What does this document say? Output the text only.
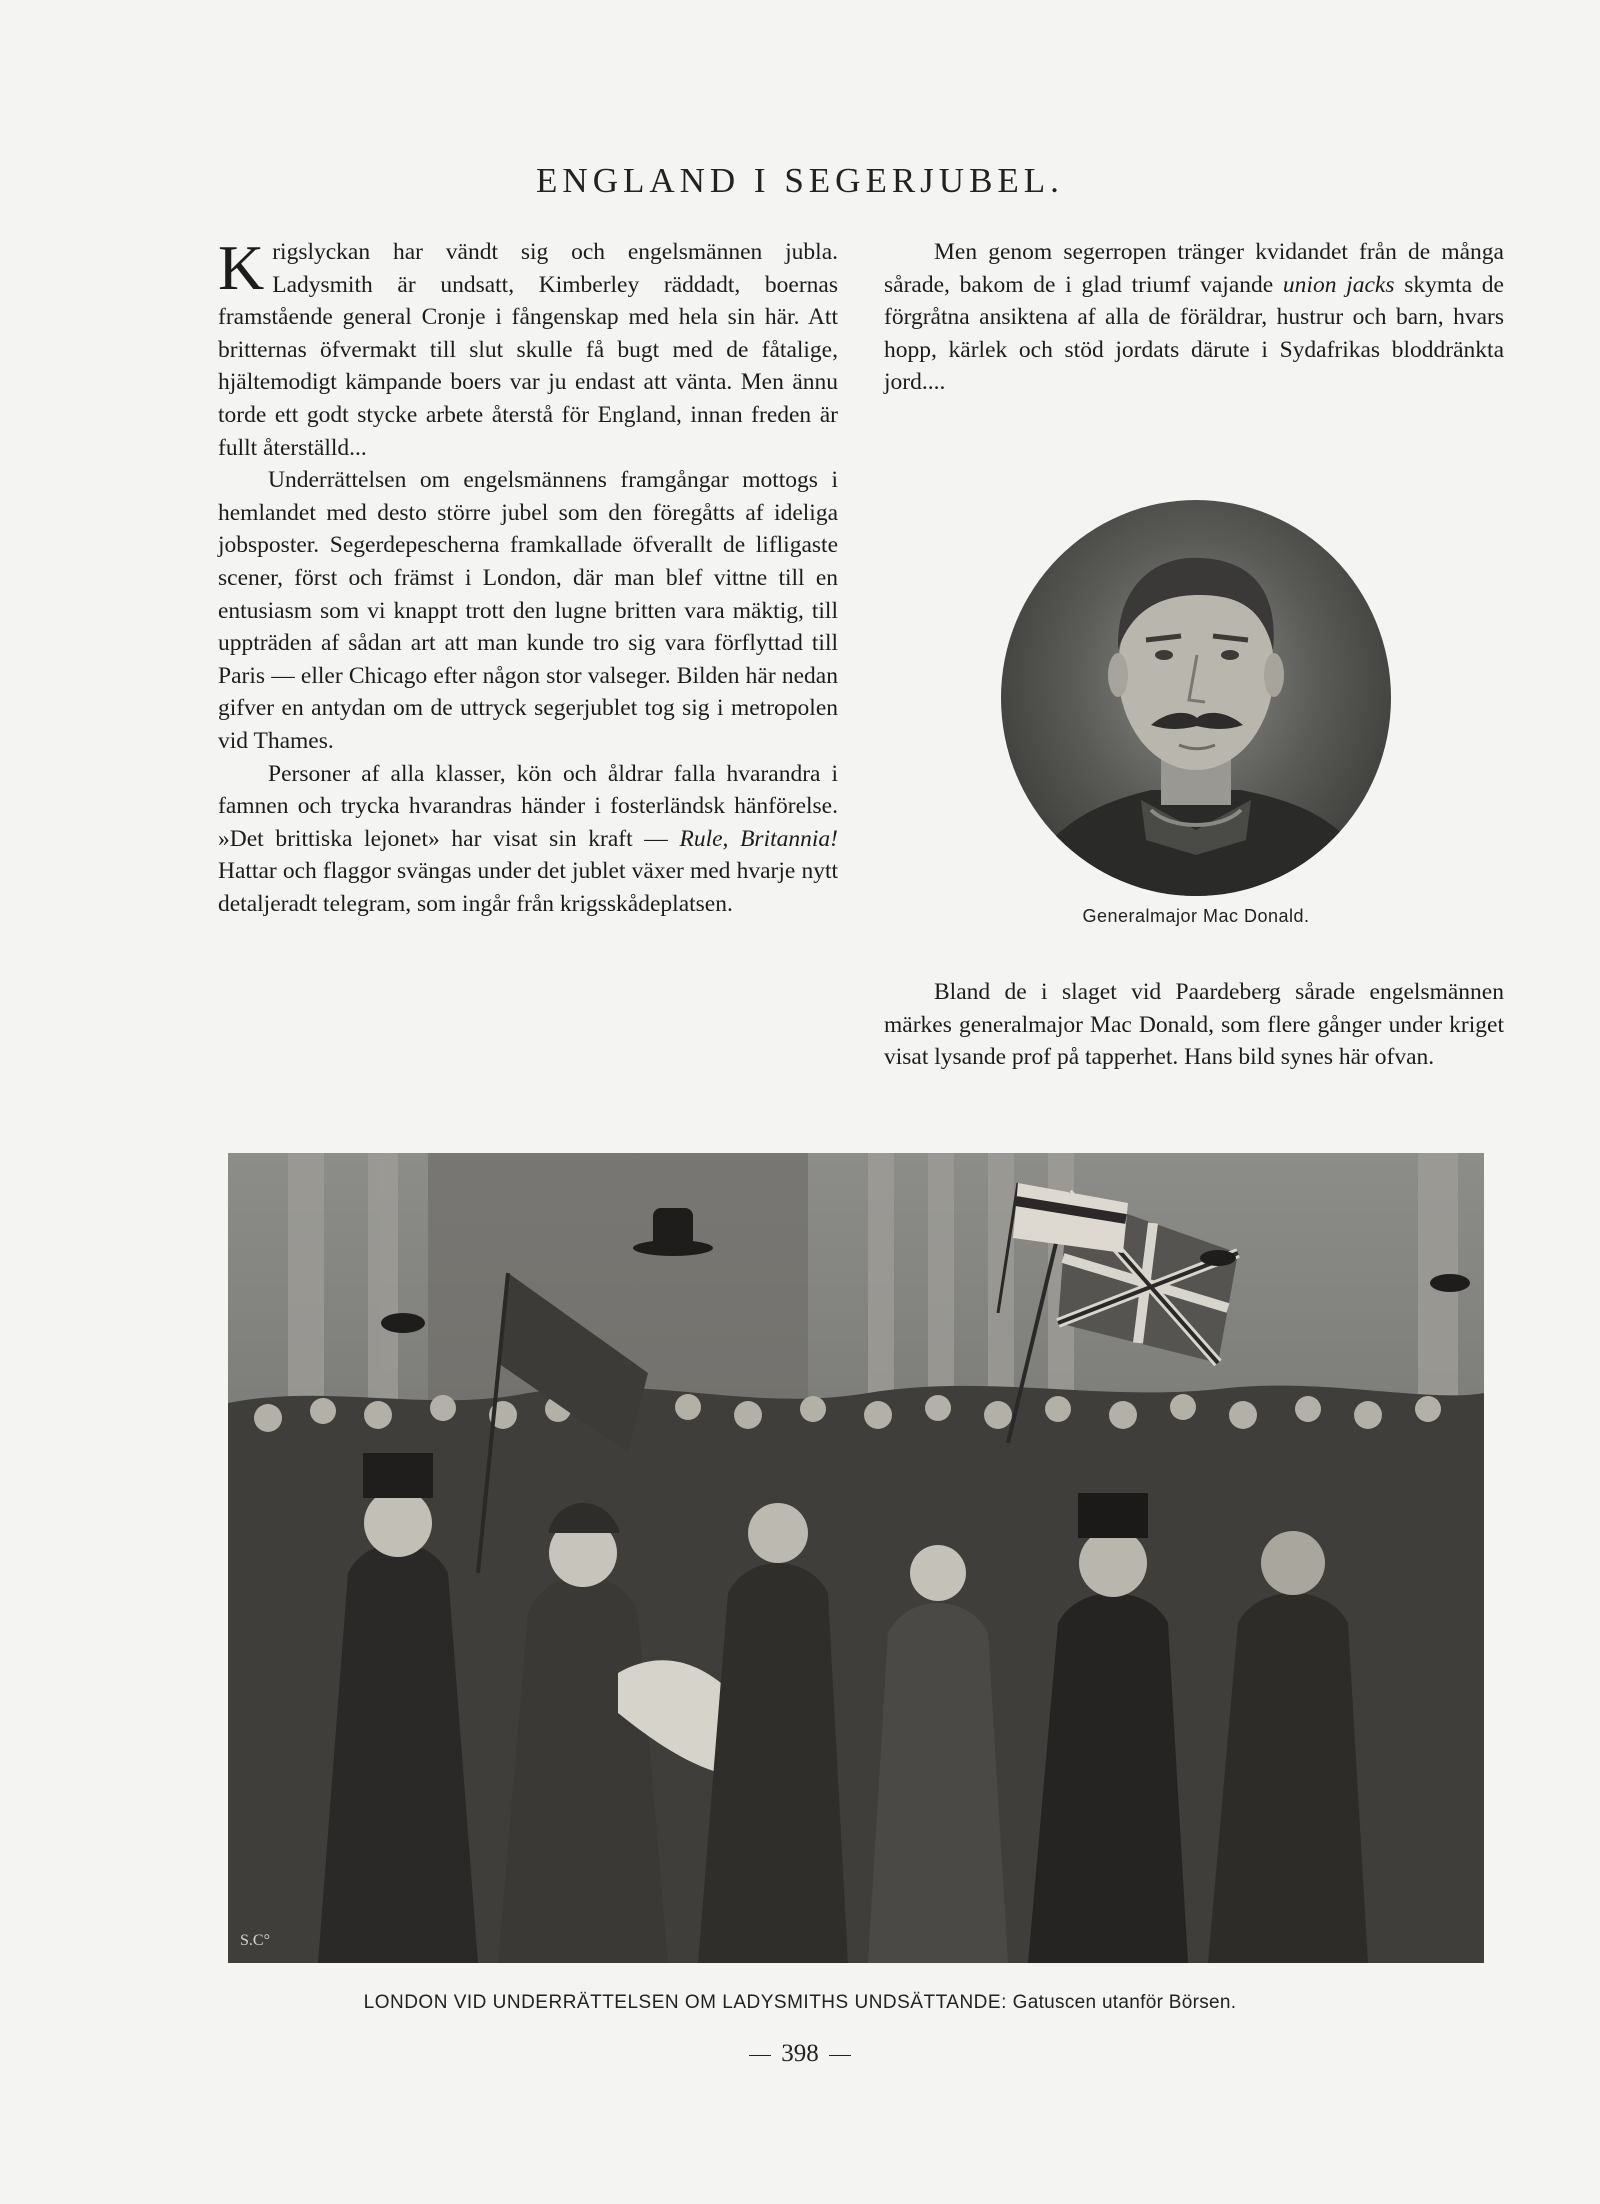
ENGLAND I SEGERJUBEL.

Krigslyckan har vändt sig och engelsmännen jubla. Ladysmith är undsatt, Kimberley räddadt, boernas framstående general Cronje i fångenskap med hela sin här. Att britternas öfvermakt till slut skulle få bugt med de fåtalige, hjältemodigt kämpande boers var ju endast att vänta. Men ännu torde ett godt stycke arbete återstå för England, innan freden är fullt återställd...

Underrättelsen om engelsmännens framgångar mottogs i hemlandet med desto större jubel som den föregåtts af ideliga jobsposter. Segerdepescherna framkallade öfverallt de lifligaste scener, först och främst i London, där man blef vittne till en entusiasm som vi knappt trott den lugne britten vara mäktig, till uppträden af sådan art att man kunde tro sig vara förflyttad till Paris — eller Chicago efter någon stor valseger. Bilden här nedan gifver en antydan om de uttryck segerjublet tog sig i metropolen vid Thames.

Personer af alla klasser, kön och åldrar falla hvarandra i famnen och trycka hvarandras händer i fosterländsk hänförelse. »Det brittiska lejonet» har visat sin kraft — Rule, Britannia! Hattar och flaggor svängas under det jublet växer med hvarje nytt detaljeradt telegram, som ingår från krigsskådeplatsen.

Men genom segerropen tränger kvidandet från de många sårade, bakom de i glad triumf vajande union jacks skymta de förgråtna ansiktena af alla de föräldrar, hustrur och barn, hvars hopp, kärlek och stöd jordats därute i Sydafrikas bloddränkta jord....

Generalmajor Mac Donald.

Bland de i slaget vid Paardeberg sårade engelsmännen märkes generalmajor Mac Donald, som flere gånger under kriget visat lysande prof på tapperhet. Hans bild synes här ofvan.

S.C°
LONDON VID UNDERRÄTTELSEN OM LADYSMITHS UNDSÄTTANDE: Gatuscen utanför Börsen.
398
